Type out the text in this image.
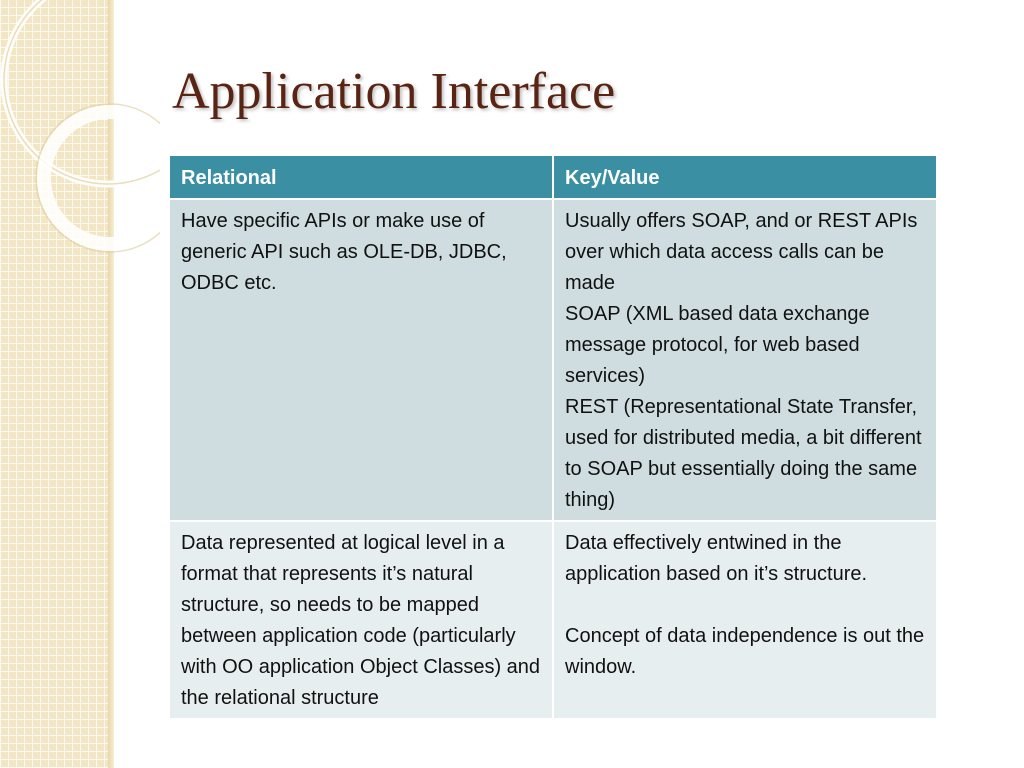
Application Interface
Relational	Key/Value

Have specific APIs or make use of generic API such as OLE-DB, JDBC, ODBC etc.	Usually offers SOAP, and or REST APIs over which data access calls can be made
SOAP (XML based data exchange message protocol, for web based services)
REST (Representational State Transfer, used for distributed media, a bit different to SOAP but essentially doing the same thing)

Data represented at logical level in a format that represents it’s natural structure, so needs to be mapped between application code (particularly with OO application Object Classes) and the relational structure	Data effectively entwined in the application based on it’s structure.
Concept of data independence is out the window.
